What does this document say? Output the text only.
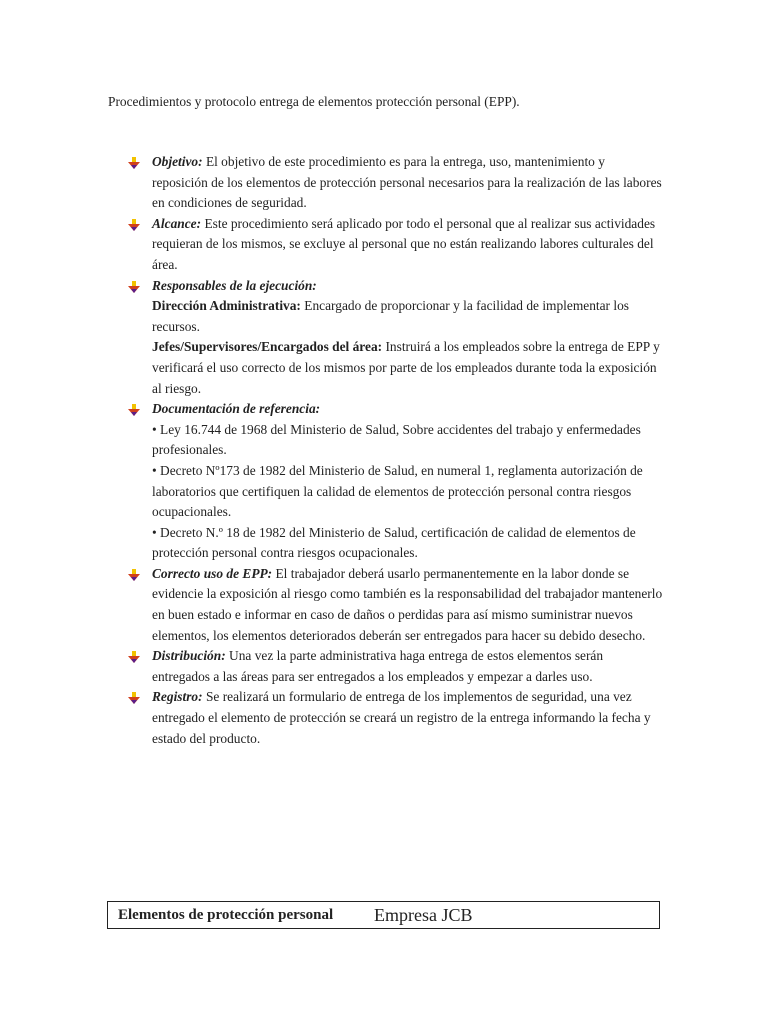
Procedimientos y protocolo entrega de elementos protección personal (EPP).
Objetivo: El objetivo de este procedimiento es para la entrega, uso, mantenimiento y reposición de los elementos de protección personal necesarios para la realización de las labores en condiciones de seguridad.
Alcance: Este procedimiento será aplicado por todo el personal que al realizar sus actividades requieran de los mismos, se excluye al personal que no están realizando labores culturales del área.
Responsables de la ejecución:
Dirección Administrativa: Encargado de proporcionar y la facilidad de implementar los recursos.
Jefes/Supervisores/Encargados del área: Instruirá a los empleados sobre la entrega de EPP y verificará el uso correcto de los mismos por parte de los empleados durante toda la exposición al riesgo.
Documentación de referencia:
• Ley 16.744 de 1968 del Ministerio de Salud, Sobre accidentes del trabajo y enfermedades profesionales.
• Decreto Nº173 de 1982 del Ministerio de Salud, en numeral 1, reglamenta autorización de laboratorios que certifiquen la calidad de elementos de protección personal contra riesgos ocupacionales.
• Decreto N.º 18 de 1982 del Ministerio de Salud, certificación de calidad de elementos de protección personal contra riesgos ocupacionales.
Correcto uso de EPP: El trabajador deberá usarlo permanentemente en la labor donde se evidencie la exposición al riesgo como también es la responsabilidad del trabajador mantenerlo en buen estado e informar en caso de daños o perdidas para así mismo suministrar nuevos elementos, los elementos deteriorados deberán ser entregados para hacer su debido desecho.
Distribución: Una vez la parte administrativa haga entrega de estos elementos serán entregados a las áreas para ser entregados a los empleados y empezar a darles uso.
Registro: Se realizará un formulario de entrega de los implementos de seguridad, una vez entregado el elemento de protección se creará un registro de la entrega informando la fecha y estado del producto.
Elementos de protección personal Empresa JCB
